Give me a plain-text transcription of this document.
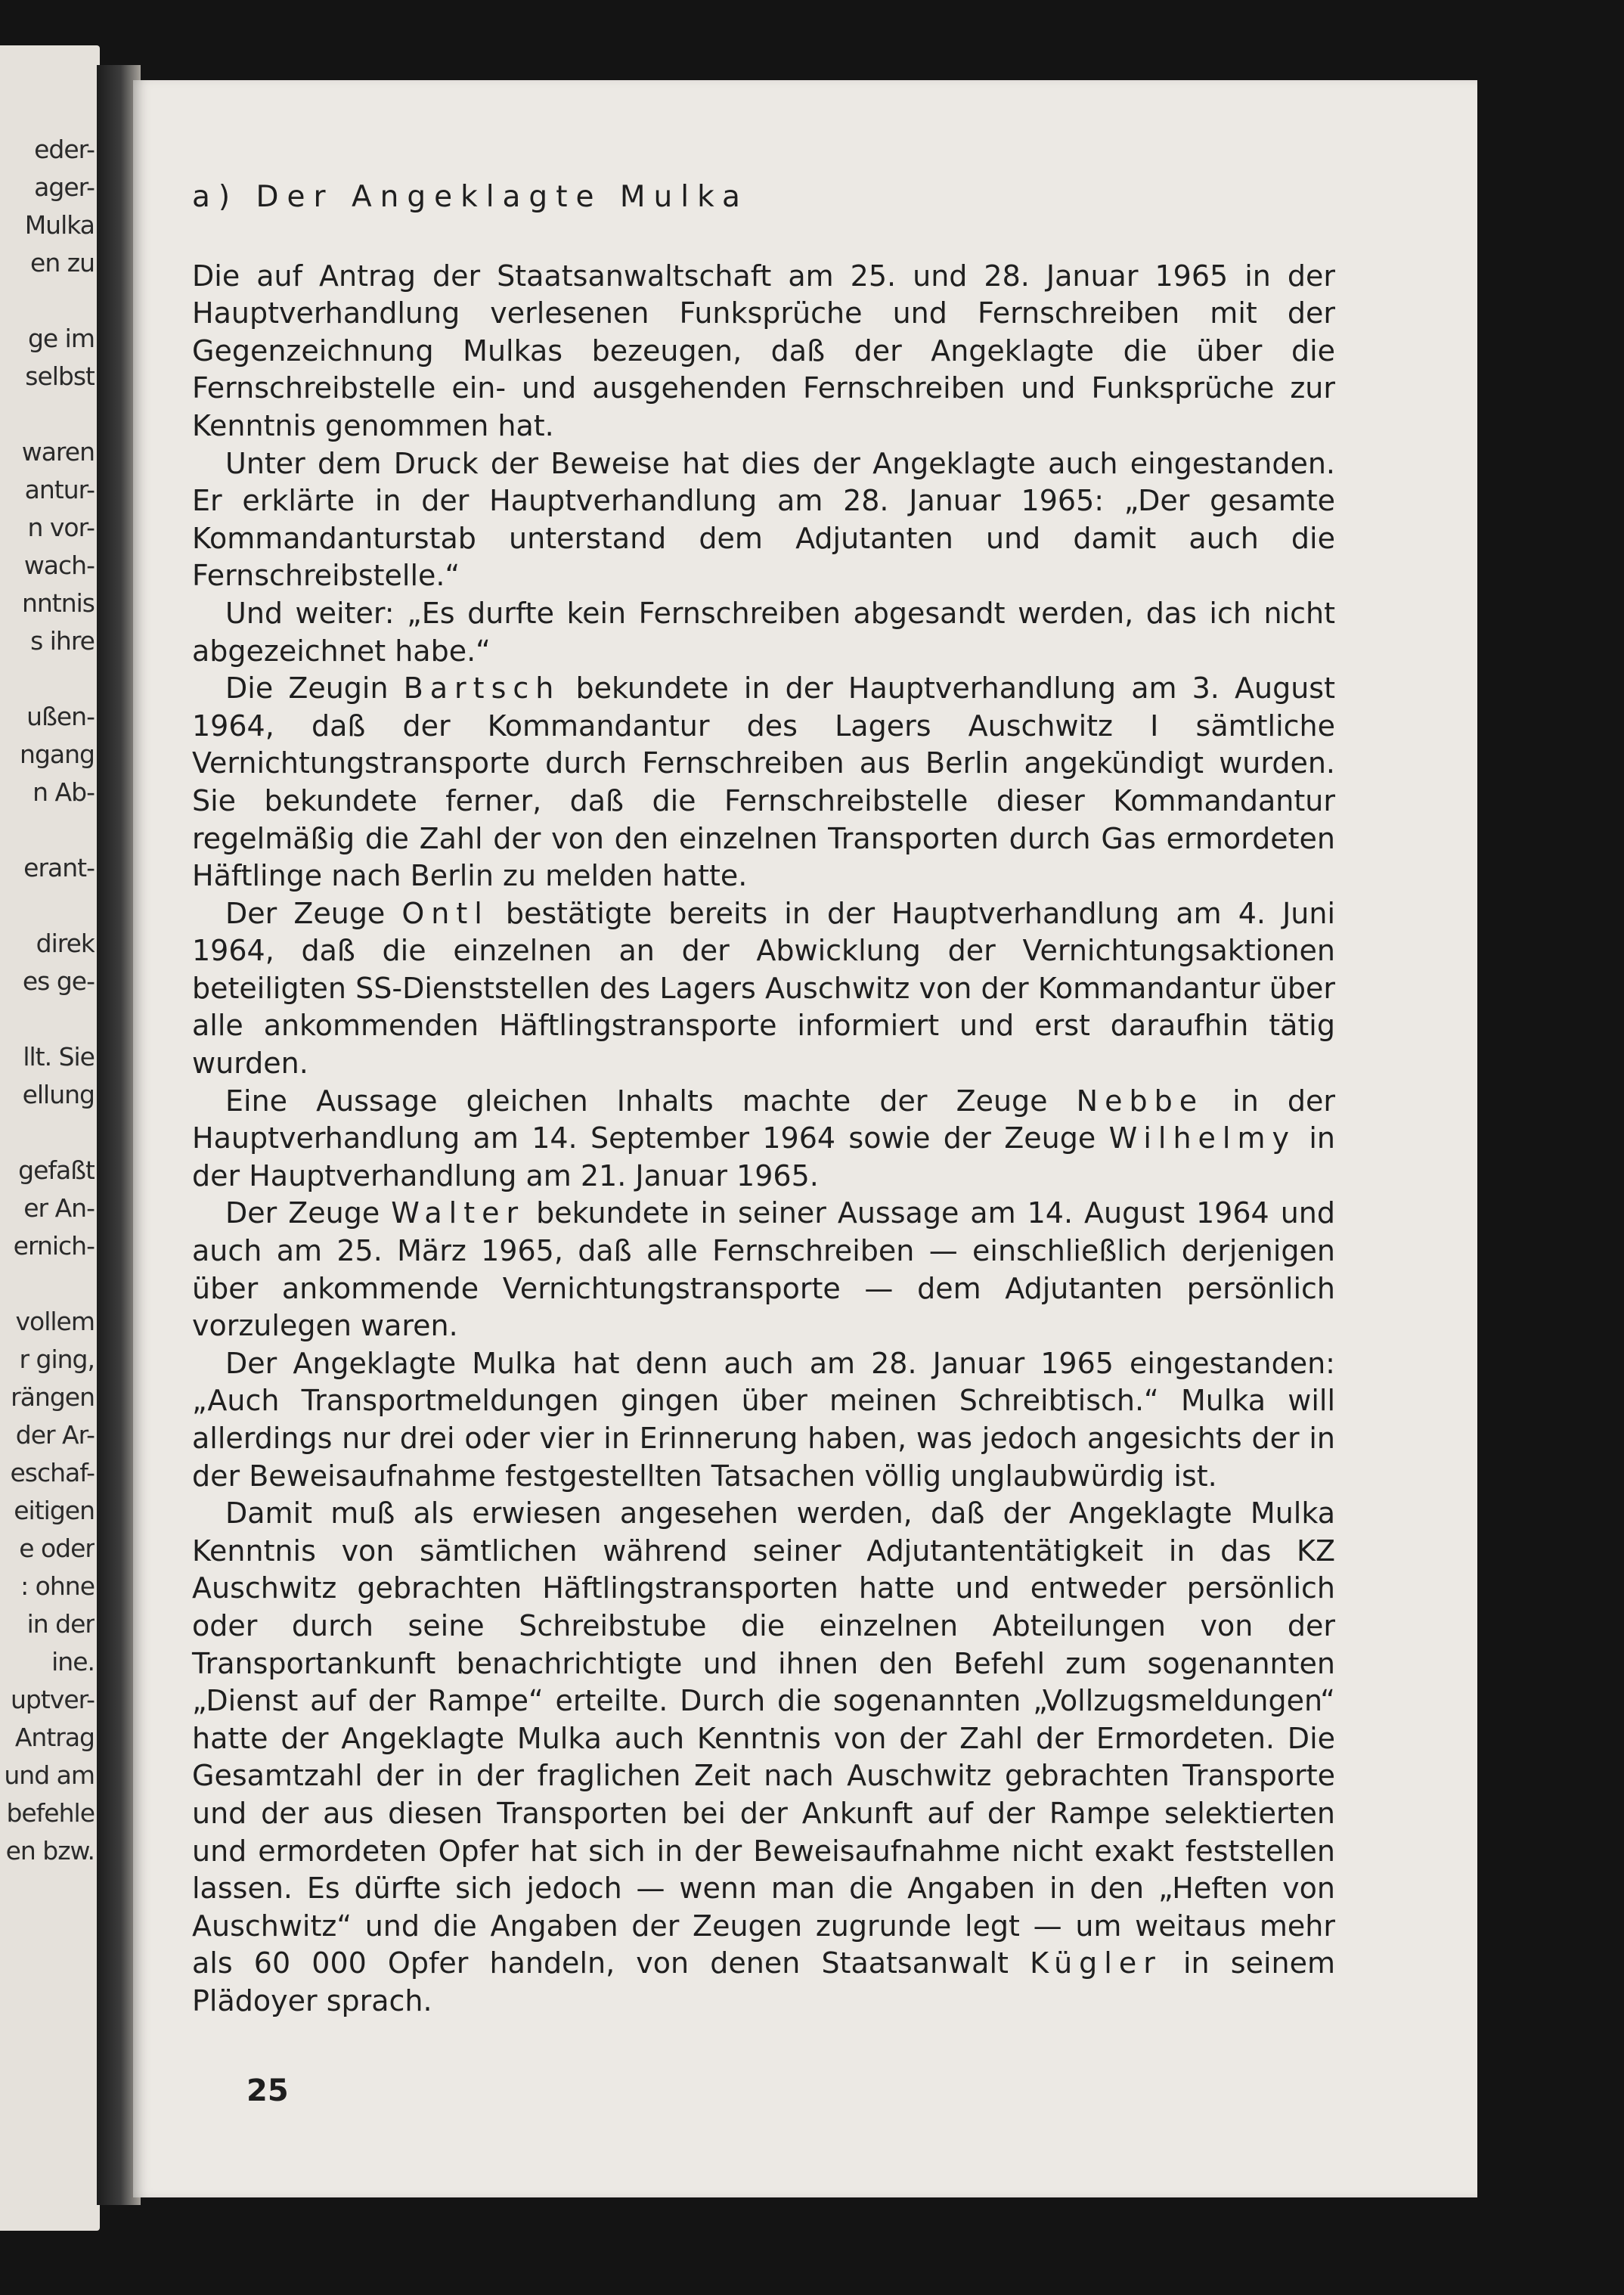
eder-
ager-
Mulka
en zu
ge im
selbst
waren
antur-
n vor-
wach-
nntnis
s ihre
ußen-
ngang
n Ab-
erant-
direk
es ge-
llt. Sie
ellung
gefaßt
er An-
ernich-
vollem
r ging,
rängen
der Ar-
eschaf-
eitigen
e oder
: ohne
in der
ine.
uptver-
Antrag
und am
befehle
en bzw.
25
a) Der Angeklagte Mulka

Die auf Antrag der Staatsanwaltschaft am 25. und 28. Januar 1965 in der Hauptverhandlung verlesenen Funksprüche und Fernschreiben mit der Gegenzeichnung Mulkas bezeugen, daß der Angeklagte die über die Fernschreibstelle ein- und ausgehenden Fernschreiben und Funksprüche zur Kenntnis genommen hat.

Unter dem Druck der Beweise hat dies der Angeklagte auch eingestanden. Er erklärte in der Hauptverhandlung am 28. Januar 1965: „Der gesamte Kommandanturstab unterstand dem Adjutanten und damit auch die Fernschreibstelle.“

Und weiter: „Es durfte kein Fernschreiben abgesandt werden, das ich nicht abgezeichnet habe.“

Die Zeugin Bartsch bekundete in der Hauptverhandlung am 3. August 1964, daß der Kommandantur des Lagers Auschwitz I sämtliche Vernichtungstransporte durch Fernschreiben aus Berlin angekündigt wurden. Sie bekundete ferner, daß die Fernschreibstelle dieser Kommandantur regelmäßig die Zahl der von den einzelnen Transporten durch Gas ermordeten Häftlinge nach Berlin zu melden hatte.

Der Zeuge Ontl bestätigte bereits in der Hauptverhandlung am 4. Juni 1964, daß die einzelnen an der Abwicklung der Vernichtungsaktionen beteiligten SS-Dienststellen des Lagers Auschwitz von der Kommandantur über alle ankommenden Häftlingstransporte informiert und erst daraufhin tätig wurden.

Eine Aussage gleichen Inhalts machte der Zeuge Nebbe in der Hauptverhandlung am 14. September 1964 sowie der Zeuge Wilhelmy in der Hauptverhandlung am 21. Januar 1965.

Der Zeuge Walter bekundete in seiner Aussage am 14. August 1964 und auch am 25. März 1965, daß alle Fernschreiben — einschließlich derjenigen über ankommende Vernichtungstransporte — dem Adjutanten persönlich vorzulegen waren.

Der Angeklagte Mulka hat denn auch am 28. Januar 1965 eingestanden: „Auch Transportmeldungen gingen über meinen Schreibtisch.“ Mulka will allerdings nur drei oder vier in Erinnerung haben, was jedoch angesichts der in der Beweisaufnahme festgestellten Tatsachen völlig unglaubwürdig ist.

Damit muß als erwiesen angesehen werden, daß der Angeklagte Mulka Kenntnis von sämtlichen während seiner Adjutantentätigkeit in das KZ Auschwitz gebrachten Häftlingstransporten hatte und entweder persönlich oder durch seine Schreibstube die einzelnen Abteilungen von der Transportankunft benachrichtigte und ihnen den Befehl zum sogenannten „Dienst auf der Rampe“ erteilte. Durch die sogenannten „Vollzugsmeldungen“ hatte der Angeklagte Mulka auch Kenntnis von der Zahl der Ermordeten. Die Gesamtzahl der in der fraglichen Zeit nach Auschwitz gebrachten Transporte und der aus diesen Transporten bei der Ankunft auf der Rampe selektierten und ermordeten Opfer hat sich in der Beweisaufnahme nicht exakt feststellen lassen. Es dürfte sich jedoch — wenn man die Angaben in den „Heften von Auschwitz“ und die Angaben der Zeugen zugrunde legt — um weitaus mehr als 60 000 Opfer handeln, von denen Staatsanwalt Kügler in seinem Plädoyer sprach.
